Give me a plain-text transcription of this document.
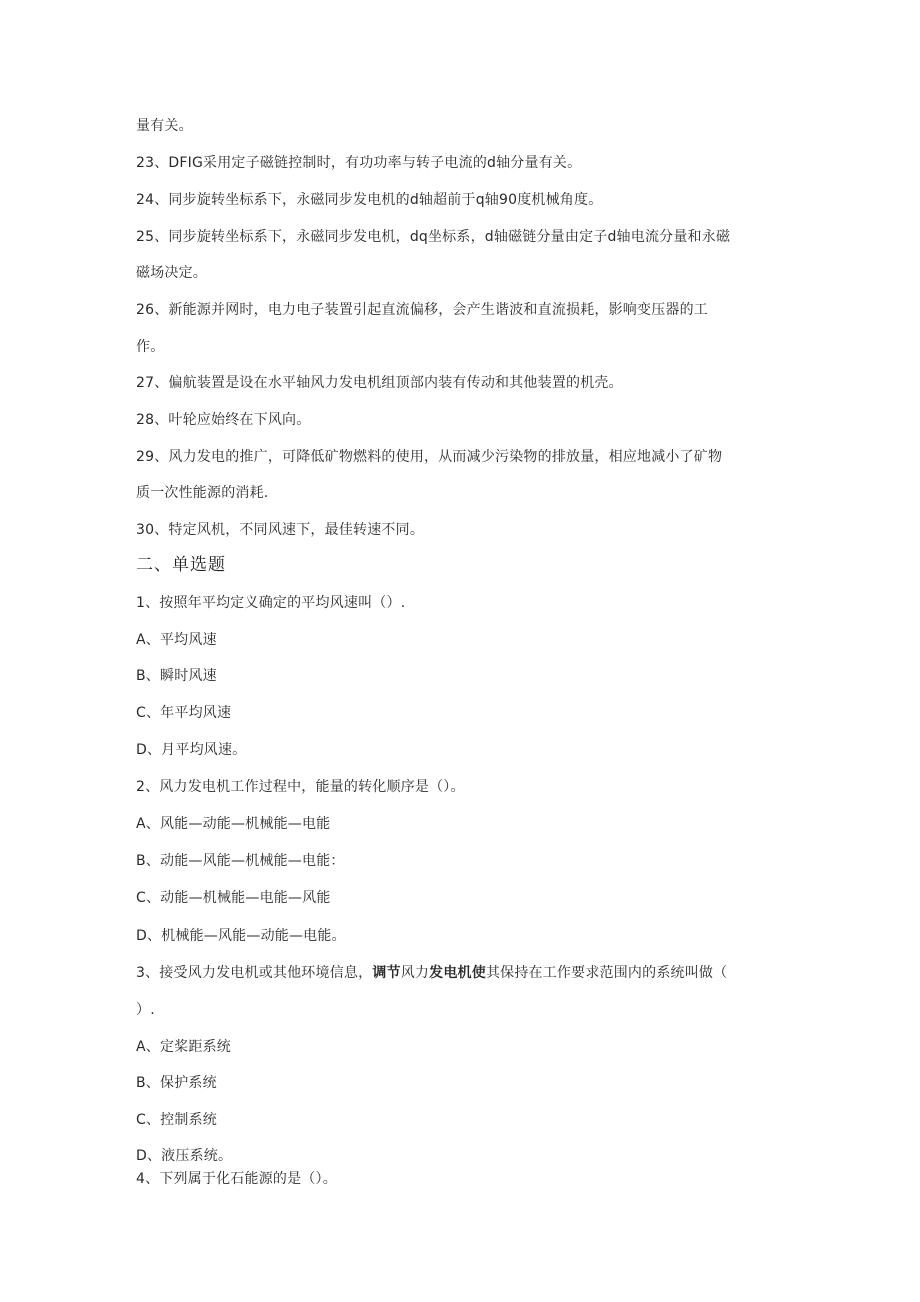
量有关。
23、DFIG采用定子磁链控制时，有功功率与转子电流的d轴分量有关。
24、同步旋转坐标系下，永磁同步发电机的d轴超前于q轴90度机械角度。
25、同步旋转坐标系下，永磁同步发电机，dq坐标系，d轴磁链分量由定子d轴电流分量和永磁
磁场决定。
26、新能源并网时，电力电子装置引起直流偏移，会产生谐波和直流损耗，影响变压器的工
作。
27、偏航装置是设在水平轴风力发电机组顶部内装有传动和其他装置的机壳。
28、叶轮应始终在下风向。
29、风力发电的推广，可降低矿物燃料的使用，从而减少污染物的排放量，相应地减小了矿物
质一次性能源的消耗.
30、特定风机，不同风速下，最佳转速不同。
二、单选题
1、按照年平均定义确定的平均风速叫（）.
A、平均风速
B、瞬时风速
C、年平均风速
D、月平均风速。
2、风力发电机工作过程中，能量的转化顺序是（）。
A、风能—动能—机械能—电能
B、动能—风能—机械能—电能：
C、动能—机械能—电能—风能
D、机械能—风能—动能—电能。
3、接受风力发电机或其他环境信息，调节风力发电机使其保持在工作要求范围内的系统叫做（
）.
A、定桨距系统
B、保护系统
C、控制系统
D、液压系统。
4、下列属于化石能源的是（）。
